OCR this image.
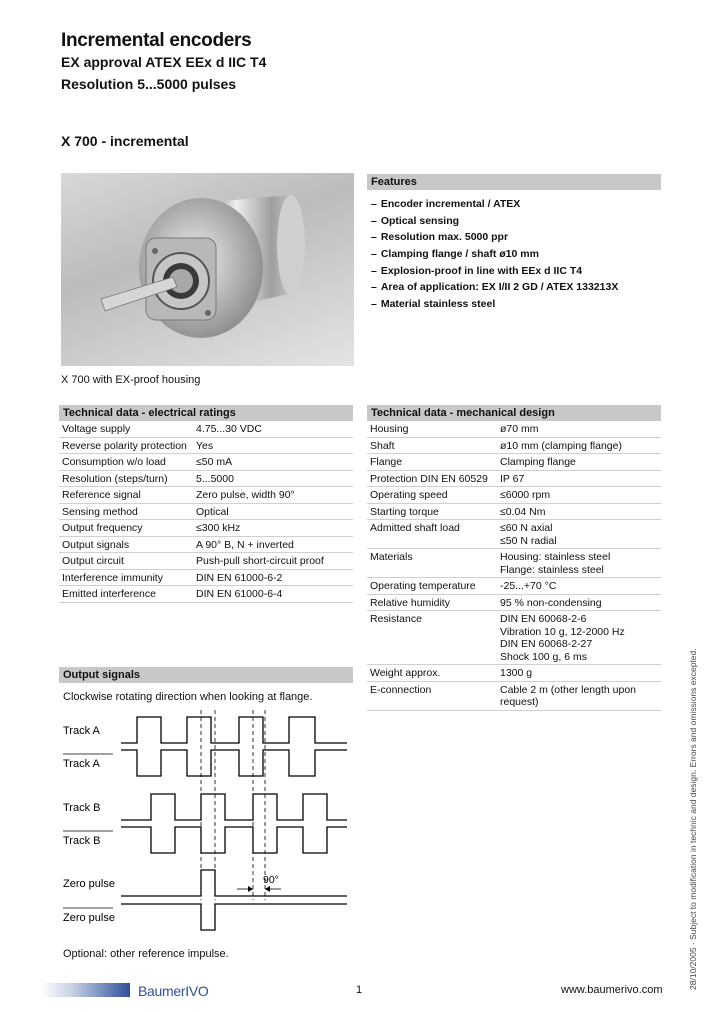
Incremental encoders
EX approval ATEX EEx d IIC T4
Resolution 5...5000 pulses
X 700 - incremental
X 700 with EX-proof housing
Features
– Encoder incremental / ATEX
– Optical sensing
– Resolution max. 5000 ppr
– Clamping flange / shaft ø10 mm
– Explosion-proof in line with EEx d IIC T4
– Area of application: EX I/II 2 GD / ATEX 133213X
– Material stainless steel
Technical data - electrical ratings
Voltage supply	4.75...30 VDC
Reverse polarity protection	Yes
Consumption w/o load	≤50 mA
Resolution (steps/turn)	5...5000
Reference signal	Zero pulse, width 90°
Sensing method	Optical
Output frequency	≤300 kHz
Output signals	A 90° B, N + inverted
Output circuit	Push-pull short-circuit proof
Interference immunity	DIN EN 61000-6-2
Emitted interference	DIN EN 61000-6-4
Technical data - mechanical design
Housing	ø70 mm
Shaft	ø10 mm (clamping flange)
Flange	Clamping flange
Protection DIN EN 60529	IP 67
Operating speed	≤6000 rpm
Starting torque	≤0.04 Nm
Admitted shaft load	≤60 N axial
≤50 N radial
Materials	Housing: stainless steel
Flange: stainless steel
Operating temperature	-25...+70 °C
Relative humidity	95 % non-condensing
Resistance	DIN EN 60068-2-6
Vibration 10 g, 12-2000 Hz
DIN EN 60068-2-27
Shock 100 g, 6 ms
Weight approx.	1300 g
E-connection	Cable 2 m (other length upon
request)
Output signals
Clockwise rotating direction when looking at flange.
90°
Track A
Track A
Track B
Track B
Zero pulse
Zero pulse
Optional: other reference impulse.	28/10/2005 · Subject to modification in technic and design. Errors and omissions excepted.
BaumerIVO	1	www.baumerivo.com
